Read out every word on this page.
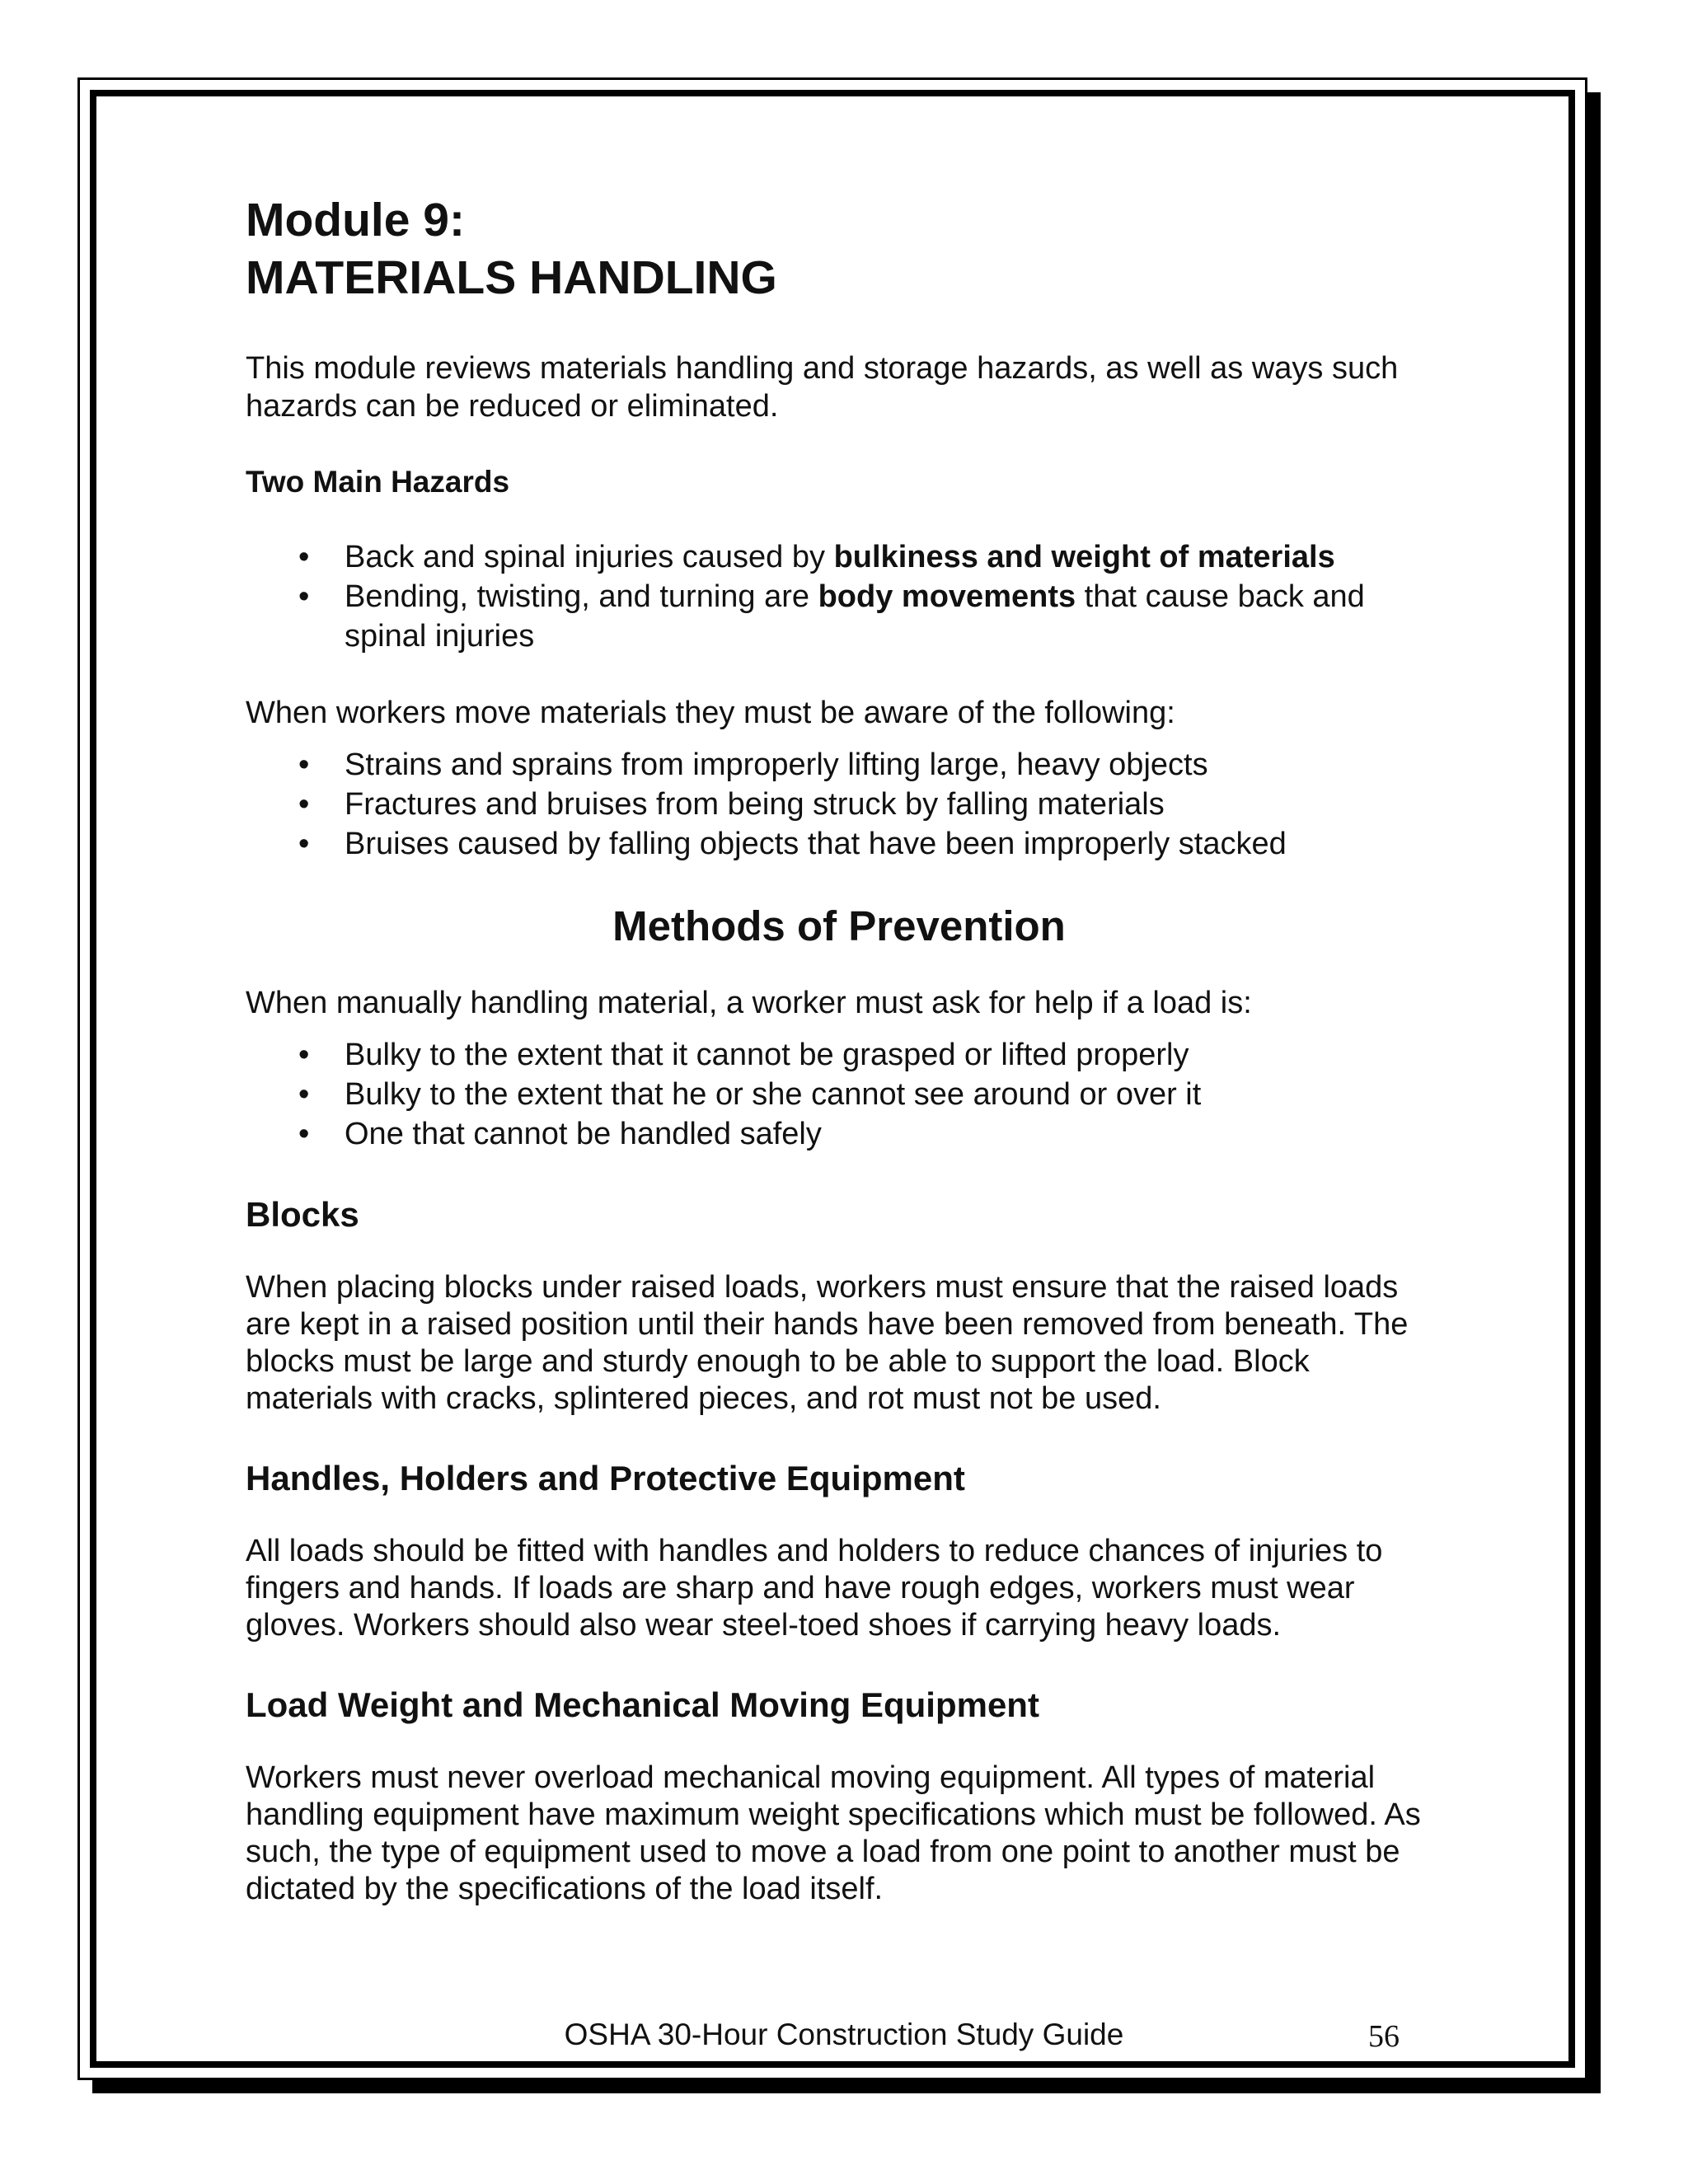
Module 9:
MATERIALS HANDLING

This module reviews materials handling and storage hazards, as well as ways such hazards can be reduced or eliminated.

Two Main Hazards

• Back and spinal injuries caused by bulkiness and weight of materials
• Bending, twisting, and turning are body movements that cause back and spinal injuries

When workers move materials they must be aware of the following:

• Strains and sprains from improperly lifting large, heavy objects
• Fractures and bruises from being struck by falling materials
• Bruises caused by falling objects that have been improperly stacked
Methods of Prevention

When manually handling material, a worker must ask for help if a load is:

• Bulky to the extent that it cannot be grasped or lifted properly
• Bulky to the extent that he or she cannot see around or over it
• One that cannot be handled safely
Blocks

When placing blocks under raised loads, workers must ensure that the raised loads are kept in a raised position until their hands have been removed from beneath. The blocks must be large and sturdy enough to be able to support the load. Block materials with cracks, splintered pieces, and rot must not be used.

Handles, Holders and Protective Equipment

All loads should be fitted with handles and holders to reduce chances of injuries to fingers and hands. If loads are sharp and have rough edges, workers must wear gloves. Workers should also wear steel-toed shoes if carrying heavy loads.

Load Weight and Mechanical Moving Equipment

Workers must never overload mechanical moving equipment. All types of material handling equipment have maximum weight specifications which must be followed. As such, the type of equipment used to move a load from one point to another must be dictated by the specifications of the load itself.

OSHA 30-Hour Construction Study Guide	56
